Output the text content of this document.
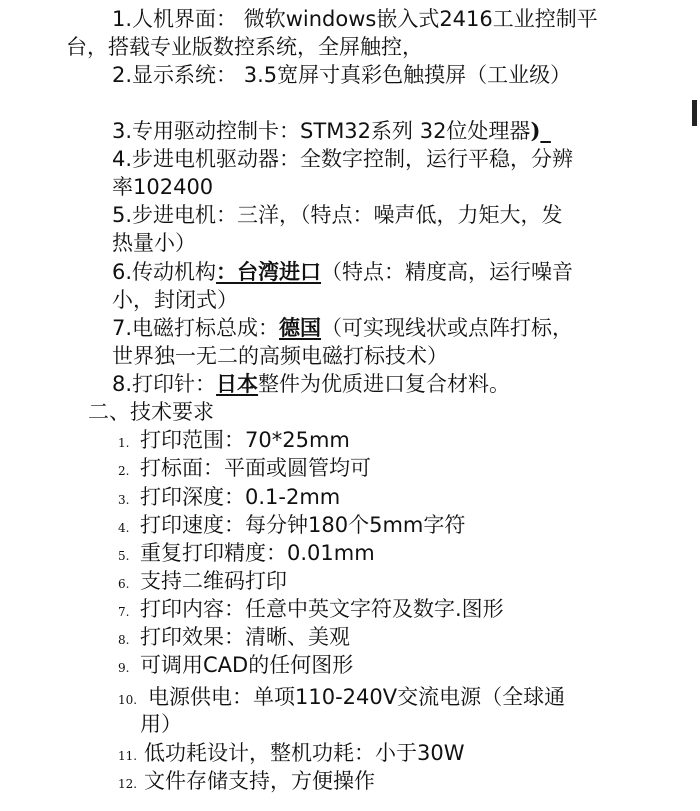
1.人机界面： 微软windows嵌入式2416工业控制平
台，搭载专业版数控系统，全屏触控，
2.显示系统： 3.5宽屏寸真彩色触摸屏（工业级）
3.专用驱动控制卡：STM32系列 32位处理器)_
4.步进电机驱动器：全数字控制，运行平稳，分辨
率102400
5.步进电机：三洋，（特点：噪声低，力矩大，发
热量小）
6.传动机构：台湾进口（特点：精度高，运行噪音
小，封闭式）
7.电磁打标总成：德国（可实现线状或点阵打标，
世界独一无二的高频电磁打标技术）
8.打印针：日本整件为优质进口复合材料。
二、技术要求
1. 打印范围：70*25mm
2. 打标面：平面或圆管均可
3. 打印深度：0.1-2mm
4. 打印速度：每分钟180个5mm字符
5. 重复打印精度：0.01mm
6. 支持二维码打印
7. 打印内容：任意中英文字符及数字.图形
8. 打印效果：清晰、美观
9. 可调用CAD的任何图形
10. 电源供电：单项110-240V交流电源（全球通
用）
11. 低功耗设计，整机功耗：小于30W
12. 文件存储支持，方便操作
